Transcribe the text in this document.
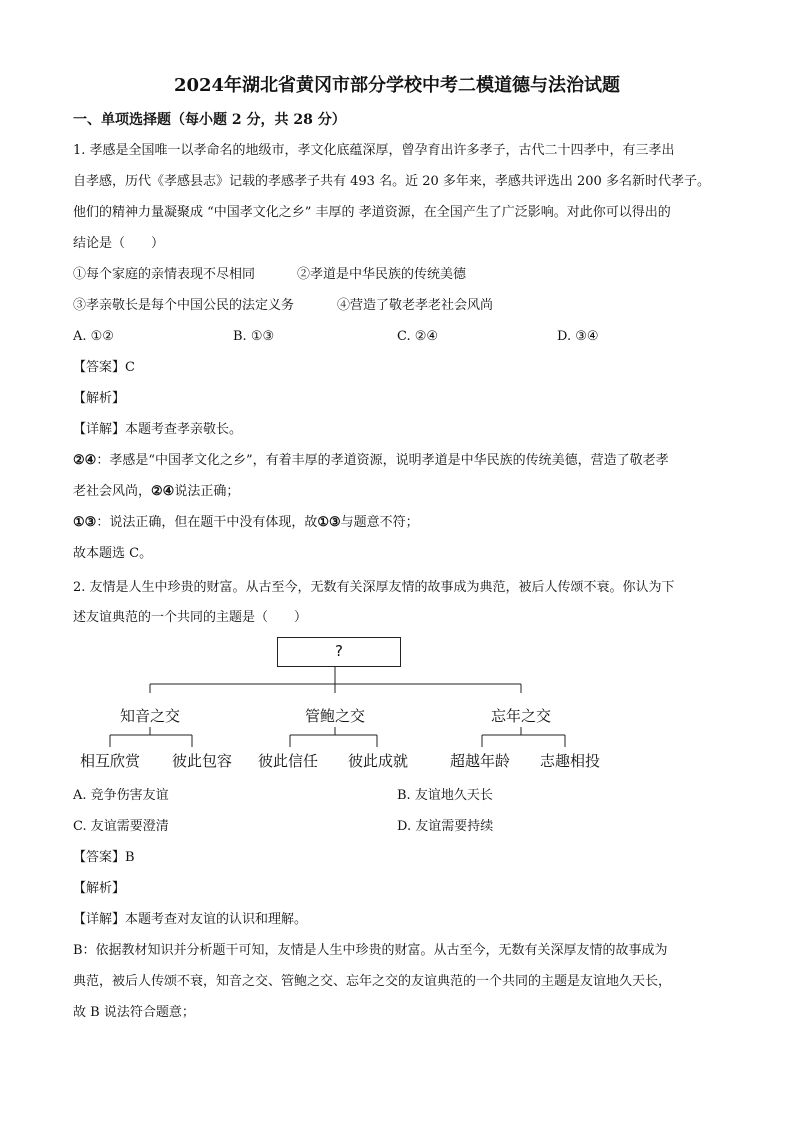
2024年湖北省黄冈市部分学校中考二模道德与法治试题
一、单项选择题（每小题 2 分，共 28 分）
1. 孝感是全国唯一以孝命名的地级市，孝文化底蕴深厚，曾孕育出许多孝子，古代二十四孝中，有三孝出
自孝感，历代《孝感县志》记载的孝感孝子共有 493 名。近 20 多年来，孝感共评选出 200 多名新时代孝子。
他们的精神力量凝聚成 “中国孝文化之乡” 丰厚的 孝道资源，在全国产生了广泛影响。对此你可以得出的
结论是（　　）
①每个家庭的亲情表现不尽相同	②孝道是中华民族的传统美德
③孝亲敬长是每个中国公民的法定义务	④营造了敬老孝老社会风尚
A. ①②	B. ①③	C. ②④	D. ③④
【答案】C
【解析】
【详解】本题考查孝亲敬长。
②④：孝感是“中国孝文化之乡”，有着丰厚的孝道资源，说明孝道是中华民族的传统美德，营造了敬老孝
老社会风尚，②④说法正确；
①③：说法正确，但在题干中没有体现，故①③与题意不符；
故本题选 C。
2. 友情是人生中珍贵的财富。从古至今，无数有关深厚友情的故事成为典范，被后人传颂不衰。你认为下
述友谊典范的一个共同的主题是（　　）
?
知音之交	管鲍之交	忘年之交
相互欣赏	彼此包容	彼此信任	彼此成就	超越年龄	志趣相投
A. 竞争伤害友谊	B. 友谊地久天长
C. 友谊需要澄清	D. 友谊需要持续
【答案】B
【解析】
【详解】本题考查对友谊的认识和理解。
B：依据教材知识并分析题干可知，友情是人生中珍贵的财富。从古至今，无数有关深厚友情的故事成为
典范，被后人传颂不衰，知音之交、管鲍之交、忘年之交的友谊典范的一个共同的主题是友谊地久天长，
故 B 说法符合题意；
